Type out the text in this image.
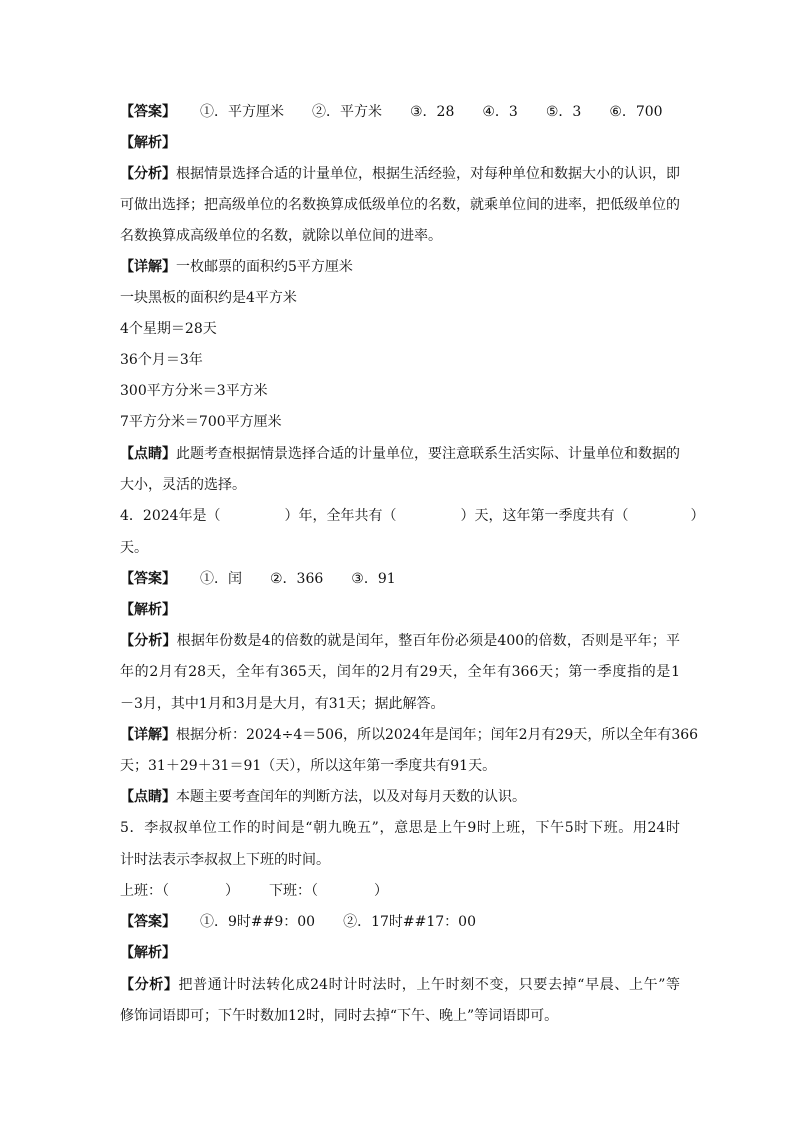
【答案】 ①．平方厘米 ②．平方米 ③．28 ④．3 ⑤．3 ⑥．700
【解析】
【分析】根据情景选择合适的计量单位，根据生活经验，对每种单位和数据大小的认识，即
可做出选择；把高级单位的名数换算成低级单位的名数，就乘单位间的进率，把低级单位的
名数换算成高级单位的名数，就除以单位间的进率。
【详解】一枚邮票的面积约5平方厘米
一块黑板的面积约是4平方米
4个星期＝28天
36个月＝3年
300平方分米＝3平方米
7平方分米＝700平方厘米
【点睛】此题考查根据情景选择合适的计量单位，要注意联系生活实际、计量单位和数据的
大小，灵活的选择。
4．2024年是（	）年，全年共有（	）天，这年第一季度共有（	）
天。
【答案】 ①．闰 ②．366 ③．91
【解析】
【分析】根据年份数是4的倍数的就是闰年，整百年份必须是400的倍数，否则是平年；平
年的2月有28天，全年有365天，闰年的2月有29天，全年有366天；第一季度指的是1
－3月，其中1月和3月是大月，有31天；据此解答。
【详解】根据分析：2024÷4＝506，所以2024年是闰年；闰年2月有29天，所以全年有366
天；31＋29＋31＝91（天），所以这年第一季度共有91天。
【点睛】本题主要考查闰年的判断方法，以及对每月天数的认识。
5．李叔叔单位工作的时间是“朝九晚五”，意思是上午9时上班，下午5时下班。用24时
计时法表示李叔叔上下班的时间。
上班：（	） 下班：（	）
【答案】 ①．9时##9：00 ②．17时##17：00
【解析】
【分析】把普通计时法转化成24时计时法时，上午时刻不变，只要去掉“早晨、上午”等
修饰词语即可；下午时数加12时，同时去掉“下午、晚上”等词语即可。
